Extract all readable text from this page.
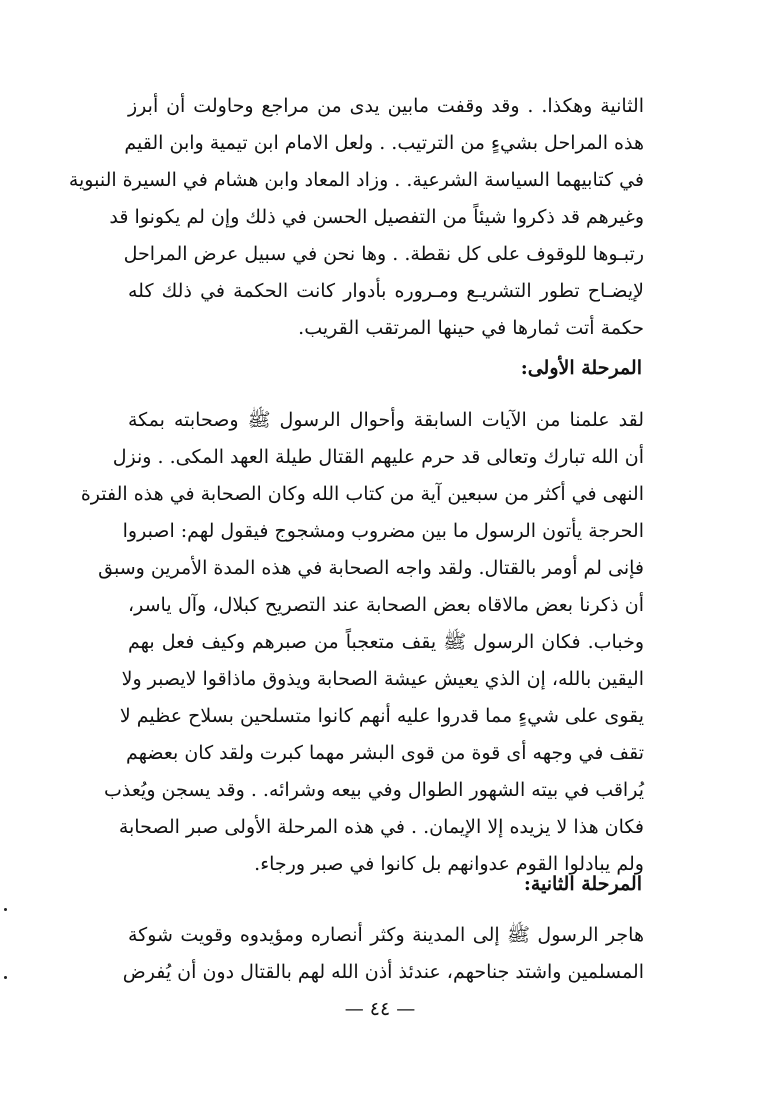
الثانية وهكذا. . وقد وقفت مابين يدى من مراجع وحاولت أن أبرز
هذه المراحل بشيءٍ من الترتيب. . ولعل الامام ابن تيمية وابن القيم
في كتابيهما السياسة الشرعية. . وزاد المعاد وابن هشام في السيرة النبوية
وغيرهم قد ذكروا شيئاً من التفصيل الحسن في ذلك وإن لم يكونوا قد
رتبـوها للوقوف على كل نقطة. . وها نحن في سبيل عرض المراحل
لإيضـاح تطور التشريـع ومـروره بأدوار كانت الحكمة في ذلك كله
حكمة أتت ثمارها في حينها المرتقب القريب.
المرحلة الأولى:
لقد علمنا من الآيات السابقة وأحوال الرسول ﷺ وصحابته بمكة
أن الله تبارك وتعالى قد حرم عليهم القتال طيلة العهد المكى. . ونزل
النهى في أكثر من سبعين آية من كتاب الله وكان الصحابة في هذه الفترة
الحرجة يأتون الرسول ما بين مضروب ومشجوج فيقول لهم: اصبروا
فإنى لم أومر بالقتال. ولقد واجه الصحابة في هذه المدة الأمرين وسبق
أن ذكرنا بعض مالاقاه بعض الصحابة عند التصريح كبلال، وآل ياسر،
وخباب. فكان الرسول ﷺ يقف متعجباً من صبرهم وكيف فعل بهم
اليقين بالله، إن الذي يعيش عيشة الصحابة ويذوق ماذاقوا لايصبر ولا
يقوى على شيءٍ مما قدروا عليه أنهم كانوا متسلحين بسلاح عظيم لا
تقف في وجهه أى قوة من قوى البشر مهما كبرت ولقد كان بعضهم
يُراقب في بيته الشهور الطوال وفي بيعه وشرائه. . وقد يسجن ويُعذب
فكان هذا لا يزيده إلا الإيمان. . في هذه المرحلة الأولى صبر الصحابة
ولم يبادلوا القوم عدوانهم بل كانوا في صبر ورجاء.
المرحلة الثانية:
هاجر الرسول ﷺ إلى المدينة وكثر أنصاره ومؤيدوه وقويت شوكة
المسلمين واشتد جناحهم، عندئذ أذن الله لهم بالقتال دون أن يُفرض
— ٤٤ —
